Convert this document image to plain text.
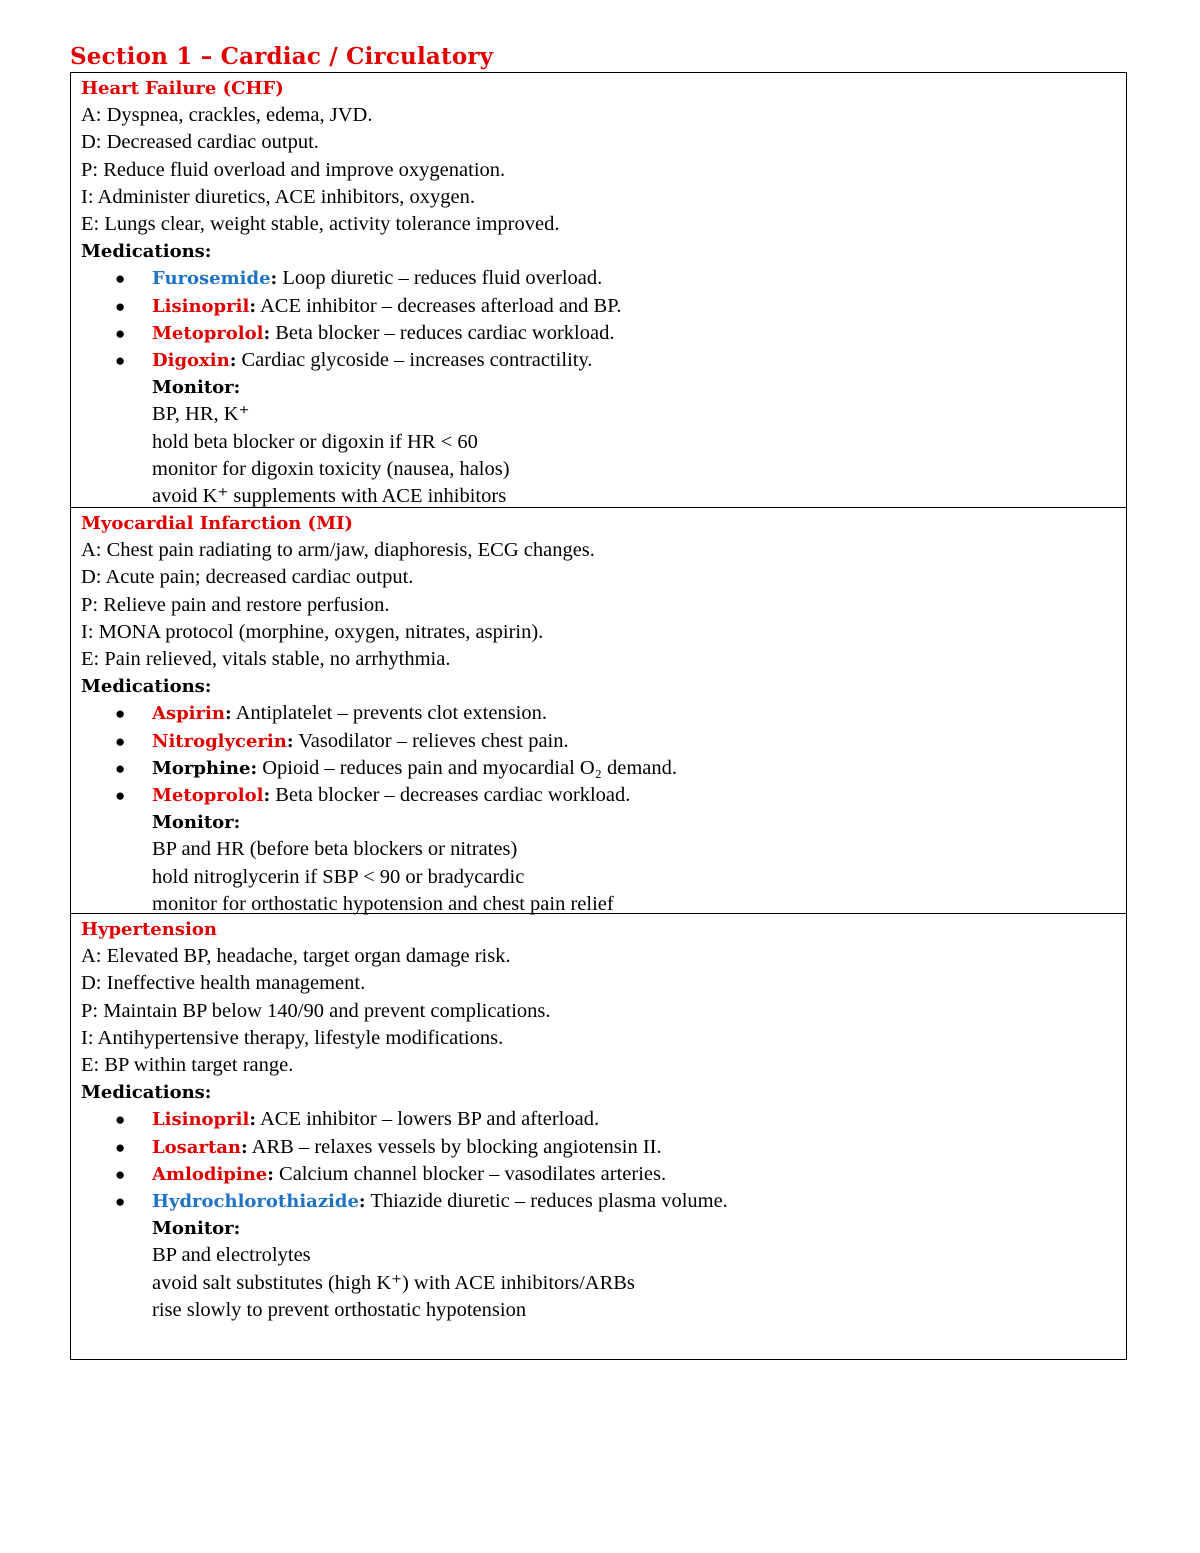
Section 1 – Cardiac / Circulatory
Heart Failure (CHF)
A: Dyspnea, crackles, edema, JVD.
D: Decreased cardiac output.
P: Reduce fluid overload and improve oxygenation.
I: Administer diuretics, ACE inhibitors, oxygen.
E: Lungs clear, weight stable, activity tolerance improved.
Medications:
● Furosemide: Loop diuretic – reduces fluid overload.
● Lisinopril: ACE inhibitor – decreases afterload and BP.
● Metoprolol: Beta blocker – reduces cardiac workload.
● Digoxin: Cardiac glycoside – increases contractility.
Monitor:
BP, HR, K⁺
hold beta blocker or digoxin if HR < 60
monitor for digoxin toxicity (nausea, halos)
avoid K⁺ supplements with ACE inhibitors
Myocardial Infarction (MI)
A: Chest pain radiating to arm/jaw, diaphoresis, ECG changes.
D: Acute pain; decreased cardiac output.
P: Relieve pain and restore perfusion.
I: MONA protocol (morphine, oxygen, nitrates, aspirin).
E: Pain relieved, vitals stable, no arrhythmia.
Medications:
● Aspirin: Antiplatelet – prevents clot extension.
● Nitroglycerin: Vasodilator – relieves chest pain.
● Morphine: Opioid – reduces pain and myocardial O₂ demand.
● Metoprolol: Beta blocker – decreases cardiac workload.
Monitor:
BP and HR (before beta blockers or nitrates)
hold nitroglycerin if SBP < 90 or bradycardic
monitor for orthostatic hypotension and chest pain relief
Hypertension
A: Elevated BP, headache, target organ damage risk.
D: Ineffective health management.
P: Maintain BP below 140/90 and prevent complications.
I: Antihypertensive therapy, lifestyle modifications.
E: BP within target range.
Medications:
● Lisinopril: ACE inhibitor – lowers BP and afterload.
● Losartan: ARB – relaxes vessels by blocking angiotensin II.
● Amlodipine: Calcium channel blocker – vasodilates arteries.
● Hydrochlorothiazide: Thiazide diuretic – reduces plasma volume.
Monitor:
BP and electrolytes
avoid salt substitutes (high K⁺) with ACE inhibitors/ARBs
rise slowly to prevent orthostatic hypotension
